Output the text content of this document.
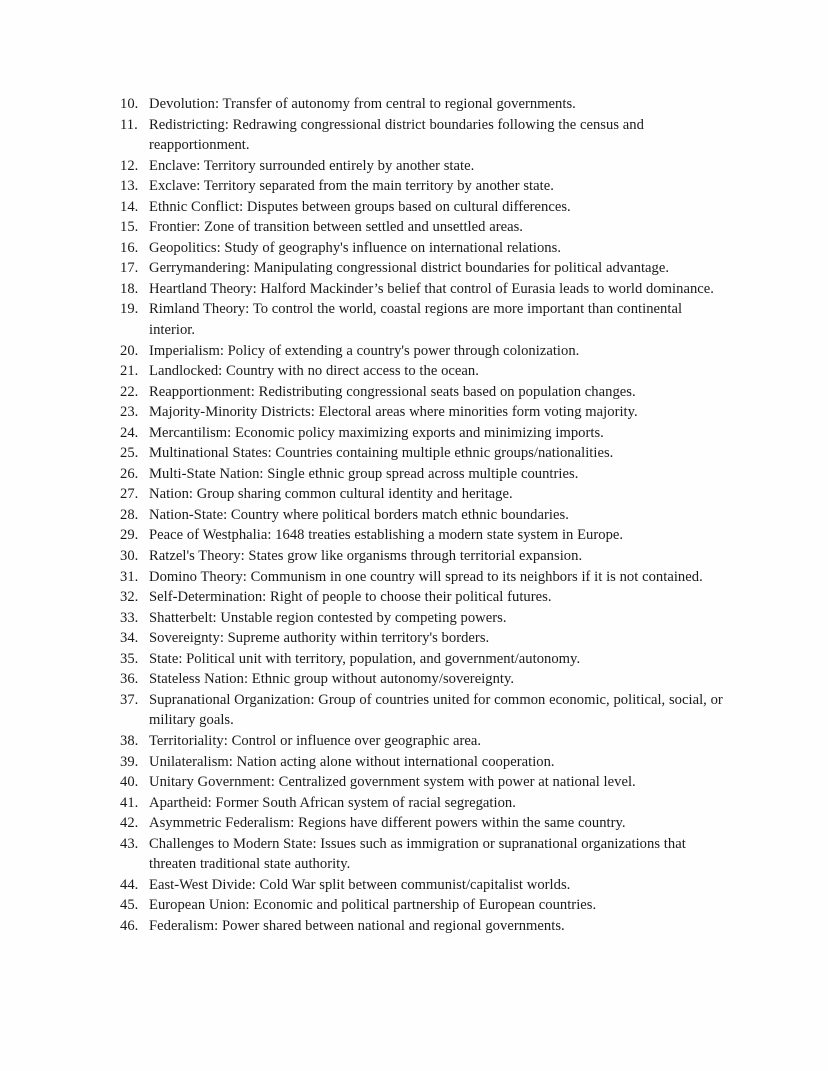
10. Devolution: Transfer of autonomy from central to regional governments.
11. Redistricting: Redrawing congressional district boundaries following the census and reapportionment.
12. Enclave: Territory surrounded entirely by another state.
13. Exclave: Territory separated from the main territory by another state.
14. Ethnic Conflict: Disputes between groups based on cultural differences.
15. Frontier: Zone of transition between settled and unsettled areas.
16. Geopolitics: Study of geography's influence on international relations.
17. Gerrymandering: Manipulating congressional district boundaries for political advantage.
18. Heartland Theory: Halford Mackinder’s belief that control of Eurasia leads to world dominance.
19. Rimland Theory: To control the world, coastal regions are more important than continental interior.
20. Imperialism: Policy of extending a country's power through colonization.
21. Landlocked: Country with no direct access to the ocean.
22. Reapportionment: Redistributing congressional seats based on population changes.
23. Majority-Minority Districts: Electoral areas where minorities form voting majority.
24. Mercantilism: Economic policy maximizing exports and minimizing imports.
25. Multinational States: Countries containing multiple ethnic groups/nationalities.
26. Multi-State Nation: Single ethnic group spread across multiple countries.
27. Nation: Group sharing common cultural identity and heritage.
28. Nation-State: Country where political borders match ethnic boundaries.
29. Peace of Westphalia: 1648 treaties establishing a modern state system in Europe.
30. Ratzel's Theory: States grow like organisms through territorial expansion.
31. Domino Theory: Communism in one country will spread to its neighbors if it is not contained.
32. Self-Determination: Right of people to choose their political futures.
33. Shatterbelt: Unstable region contested by competing powers.
34. Sovereignty: Supreme authority within territory's borders.
35. State: Political unit with territory, population, and government/autonomy.
36. Stateless Nation: Ethnic group without autonomy/sovereignty.
37. Supranational Organization: Group of countries united for common economic, political, social, or military goals.
38. Territoriality: Control or influence over geographic area.
39. Unilateralism: Nation acting alone without international cooperation.
40. Unitary Government: Centralized government system with power at national level.
41. Apartheid: Former South African system of racial segregation.
42. Asymmetric Federalism: Regions have different powers within the same country.
43. Challenges to Modern State: Issues such as immigration or supranational organizations that threaten traditional state authority.
44. East-West Divide: Cold War split between communist/capitalist worlds.
45. European Union: Economic and political partnership of European countries.
46. Federalism: Power shared between national and regional governments.
